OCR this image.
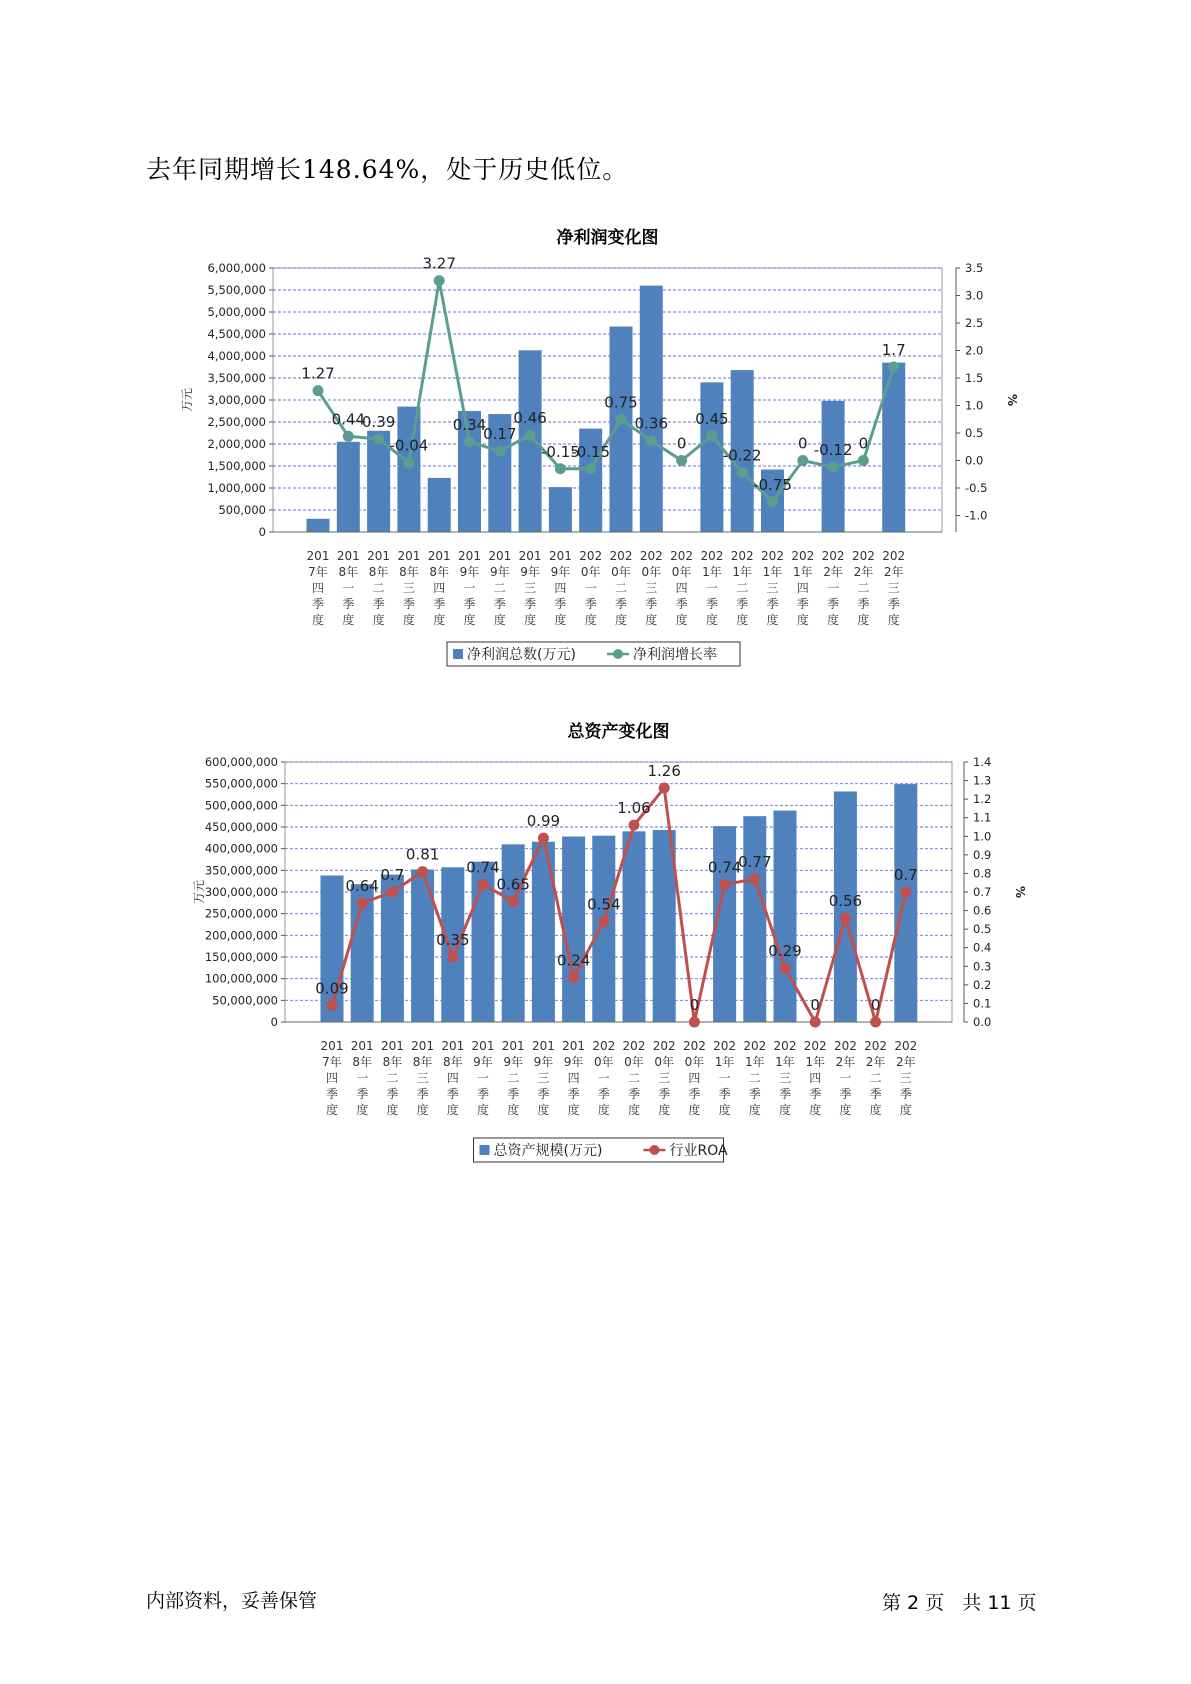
去年同期增长148.64%，处于历史低位。
净利润变化图
0
500,000
1,000,000
1,500,000
2,000,000
2,500,000
3,000,000
3,500,000
4,000,000
4,500,000
5,000,000
5,500,000
6,000,000
-1.0
-0.5
0.0
0.5
1.0
1.5
2.0
2.5
3.0
3.5
万元	%
201 7年四季度
201 8年一季度
201 8年二季度
201 8年三季度
201 8年四季度
201 9年一季度
201 9年二季度
201 9年三季度
201 9年四季度
202 0年一季度
202 0年二季度
202 0年三季度
202 0年四季度
202 1年一季度
202 1年二季度
202 1年三季度
202 1年四季度
202 2年一季度
202 2年二季度
202 2年三季度
1.27
0.44
0.39
-0.04
3.27
0.34
0.17
0.46
-0.15
-0.15
0.75
0.36
0
0.45
-0.22
-0.75
0 -0.12 0
1.7
净利润总数(万元)	净利润增长率
总资产变化图
0
50,000,000
100,000,000
150,000,000
200,000,000
250,000,000
300,000,000
350,000,000
400,000,000
450,000,000
500,000,000
550,000,000
600,000,000
0.0
0.1
0.2
0.3
0.4
0.5
0.6
0.7
0.8
0.9
1.0
1.1
1.2
1.3
1.4
万元	%
201 7年四季度
201 8年一季度
201 8年二季度
201 8年三季度
201 8年四季度
201 9年一季度
201 9年二季度
201 9年三季度
201 9年四季度
202 0年一季度
202 0年二季度
202 0年三季度
202 0年四季度
202 1年一季度
202 1年二季度
202 1年三季度
202 1年四季度
202 2年一季度
202 2年二季度
202 2年三季度
0.09
0.64
0.7
0.81
0.35
0.74
0.65
0.99
0.24
0.54
1.06
1.26
0
0.74
0.77
0.29
0
0.56
0
0.7
总资产规模(万元)	行业ROA
内部资料，妥善保管	第 2 页   共 11 页
